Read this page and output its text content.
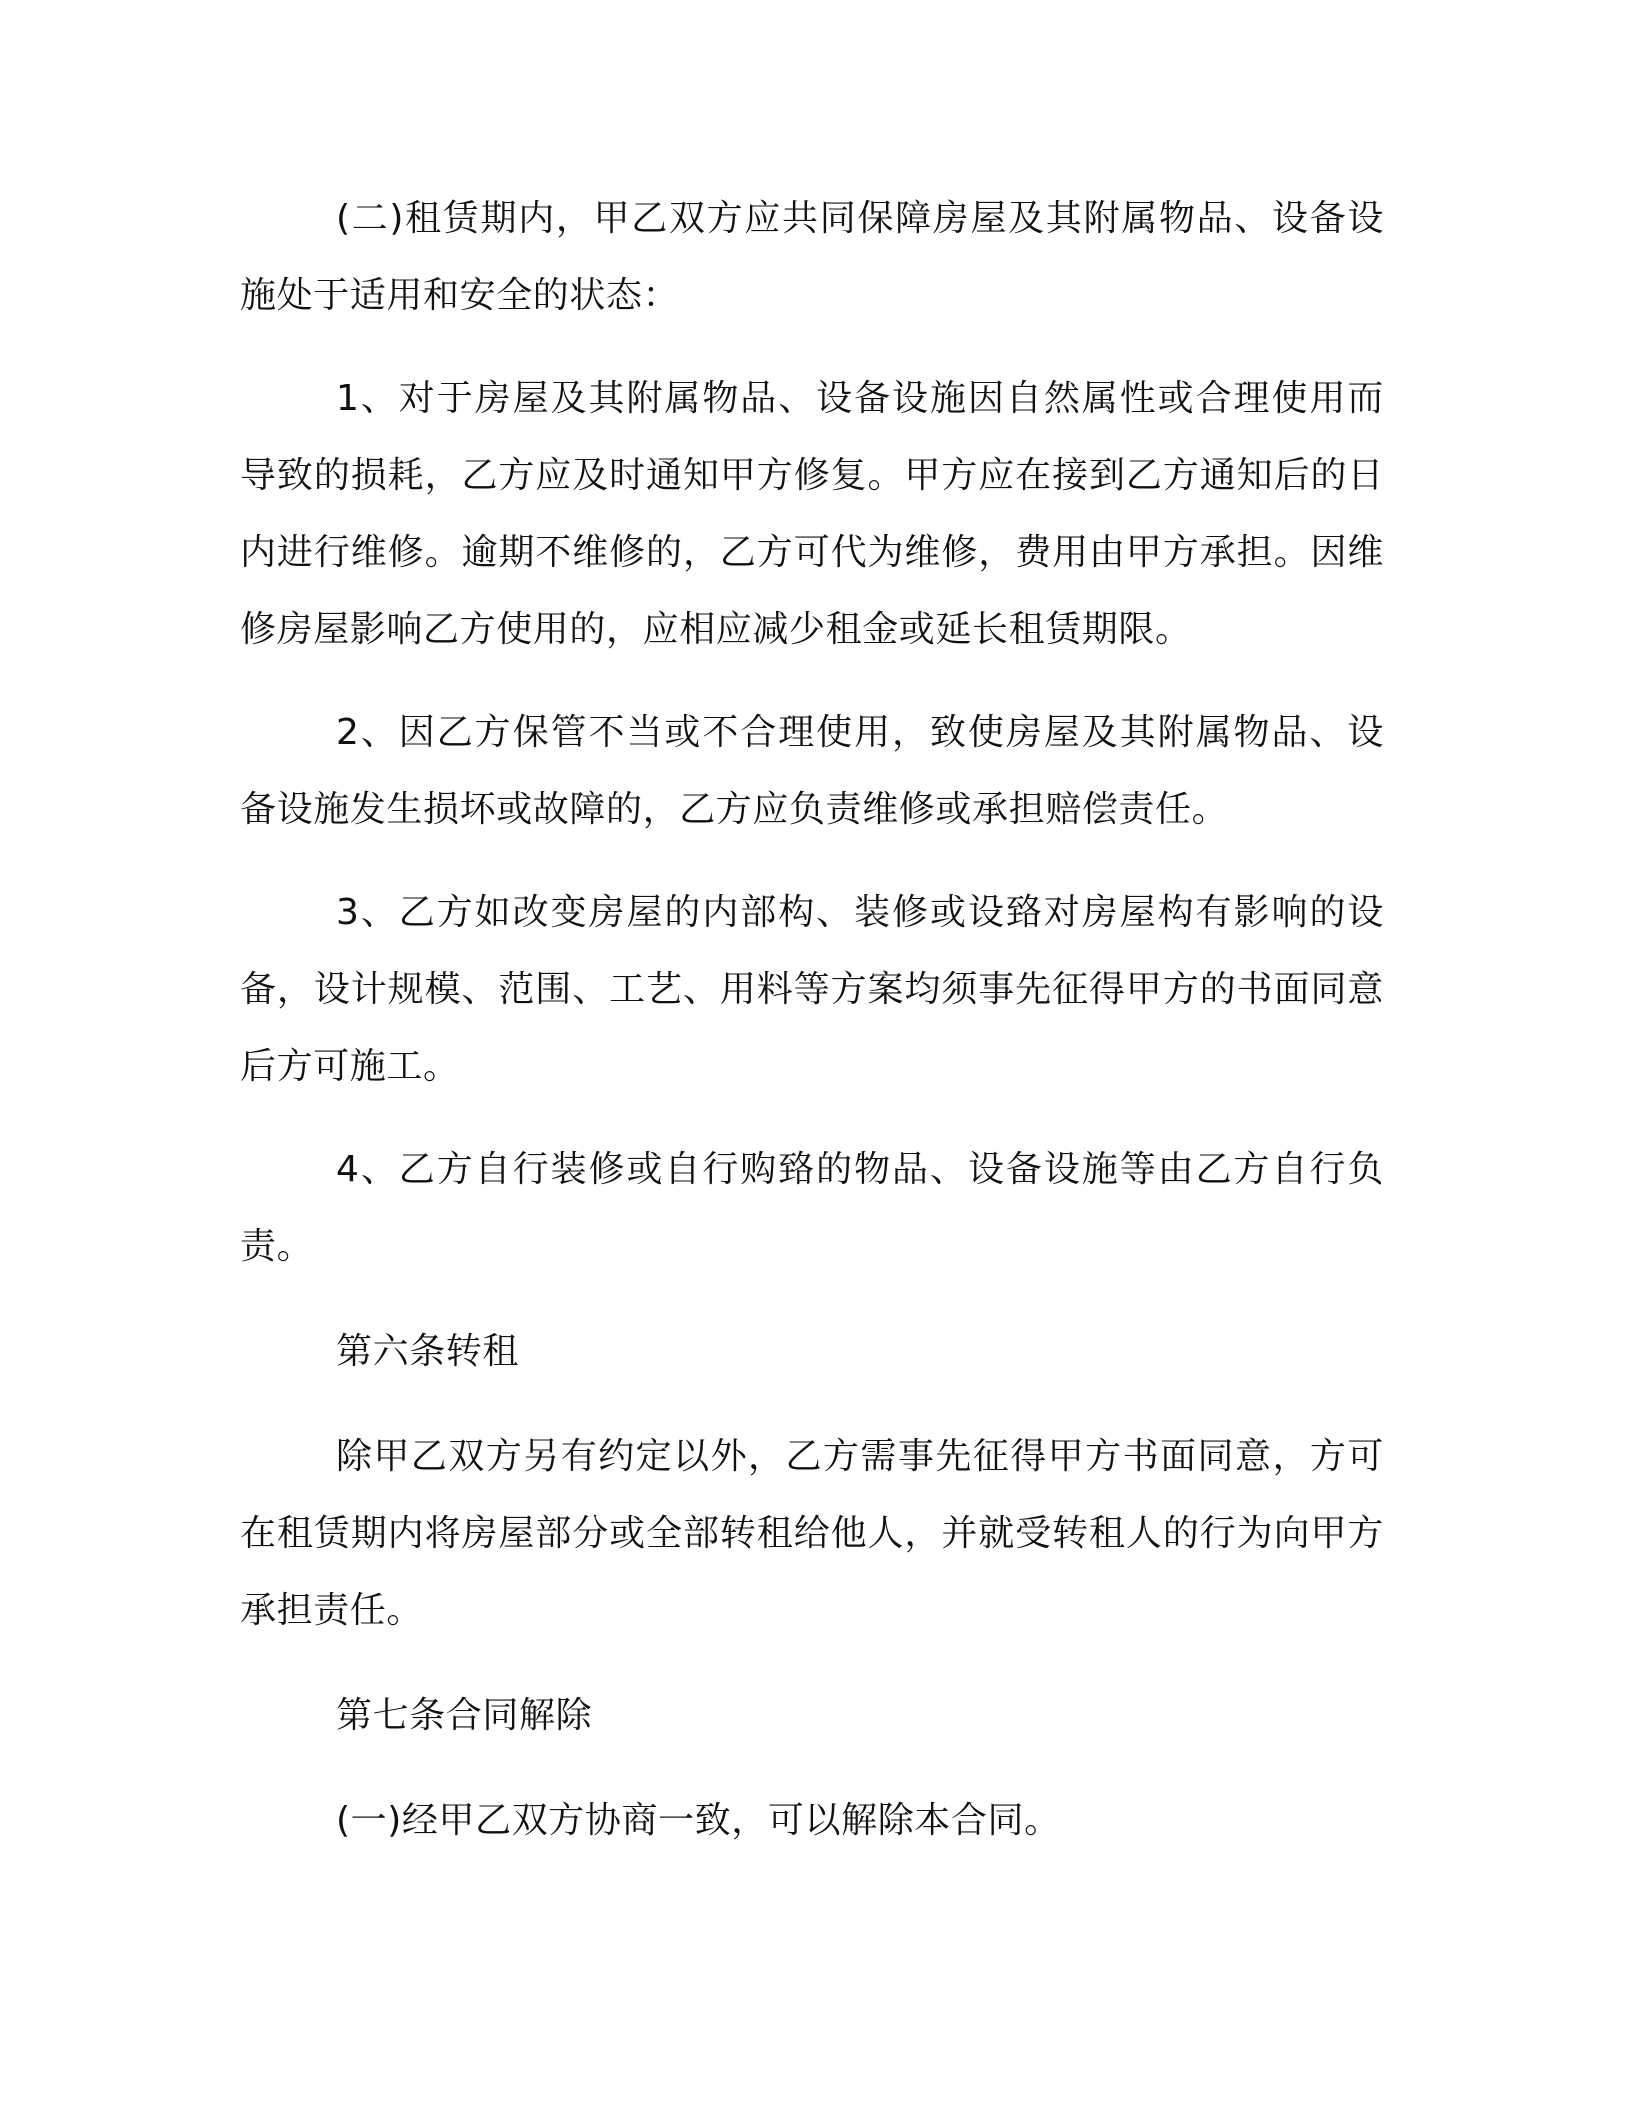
(二)租赁期内，甲乙双方应共同保障房屋及其附属物品、设备设施处于适用和安全的状态：

1、对于房屋及其附属物品、设备设施因自然属性或合理使用而导致的损耗，乙方应及时通知甲方修复。甲方应在接到乙方通知后的日内进行维修。逾期不维修的，乙方可代为维修，费用由甲方承担。因维修房屋影响乙方使用的，应相应减少租金或延长租赁期限。

2、因乙方保管不当或不合理使用，致使房屋及其附属物品、设备设施发生损坏或故障的，乙方应负责维修或承担赔偿责任。

3、乙方如改变房屋的内部构、装修或设臵对房屋构有影响的设备，设计规模、范围、工艺、用料等方案均须事先征得甲方的书面同意后方可施工。

4、乙方自行装修或自行购臵的物品、设备设施等由乙方自行负责。

第六条转租

除甲乙双方另有约定以外，乙方需事先征得甲方书面同意，方可在租赁期内将房屋部分或全部转租给他人，并就受转租人的行为向甲方承担责任。

第七条合同解除

(一)经甲乙双方协商一致，可以解除本合同。
